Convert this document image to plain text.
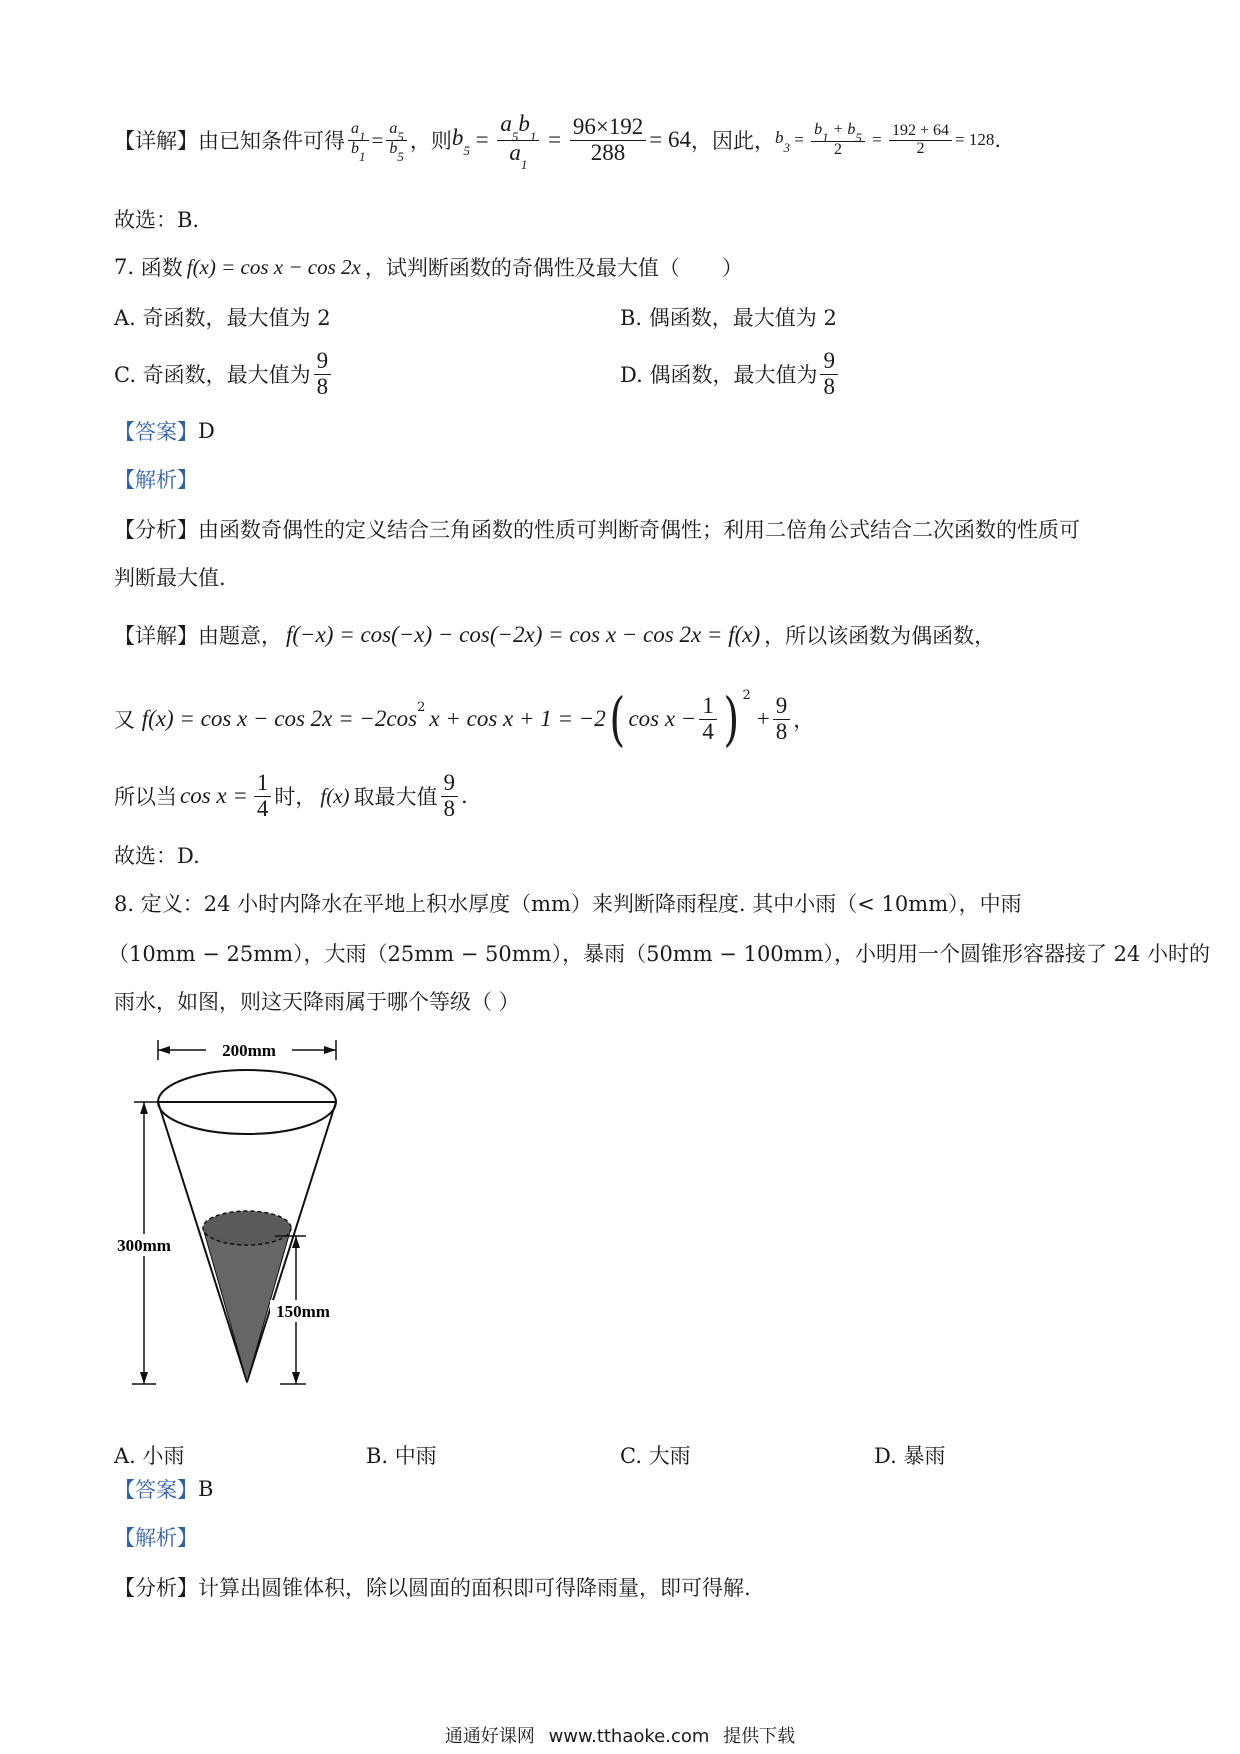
【详解】 由已知条件可得 $\frac{a_1}{b_1} = \frac{a_5}{b_5}$ ，则 $b_5 = \frac{a_5b_1}{a_1} = \frac{96\times 192}{288} = 64$ ，因此， $b_3 = \frac{b_1 + b_5}{2} = \frac{192 + 64}{2} = 128$ .
故选：B.
7.
函数 f(x) = cos x − cos 2x ，试判断函数的奇偶性及最大值（　　）
A. 奇函数，最大值为 2	B. 偶函数，最大值为 2
C. 奇函数，最大值为 $\frac{9}{8}$	D. 偶函数，最大值为 $\frac{9}{8}$
【答案】 D
【解析】
【分析】 由函数奇偶性的定义结合三角函数的性质可判断奇偶性；利用二倍角公式结合二次函数的性质可
判断最大值.
【详解】 由题意， f(−x) = cos(−x) − cos(−2x) = cos x − cos 2x = f(x) ，所以该函数为偶函数，
又
$f(x) = \cos x - \cos 2x = -2\cos^2$ x + cos x + 1 = −2 ( $\cos x - \frac{1}{4}$ ) $^2$
+ $\frac{9}{8}$ ，
所以当 $\cos x = \frac{1}{4}$ 时， f(x) 取最大值 $\frac{9}{8}$ .
故选：D.
8. 定义：24 小时内降水在平地上积水厚度（mm）来判断降雨程度. 其中小雨（< 10mm），中雨
（10mm − 25mm），大雨（25mm − 50mm），暴雨（50mm − 100mm），小明用一个圆锥形容器接了 24 小时的
雨水，如图，则这天降雨属于哪个等级（ ）
200mm
300mm
150mm
A. 小雨	B. 中雨	C. 大雨	D. 暴雨
【答案】 B
【解析】
【分析】 计算出圆锥体积，除以圆面的面积即可得降雨量，即可得解.
通通好课网 www.tthaoke.com 提供下载
